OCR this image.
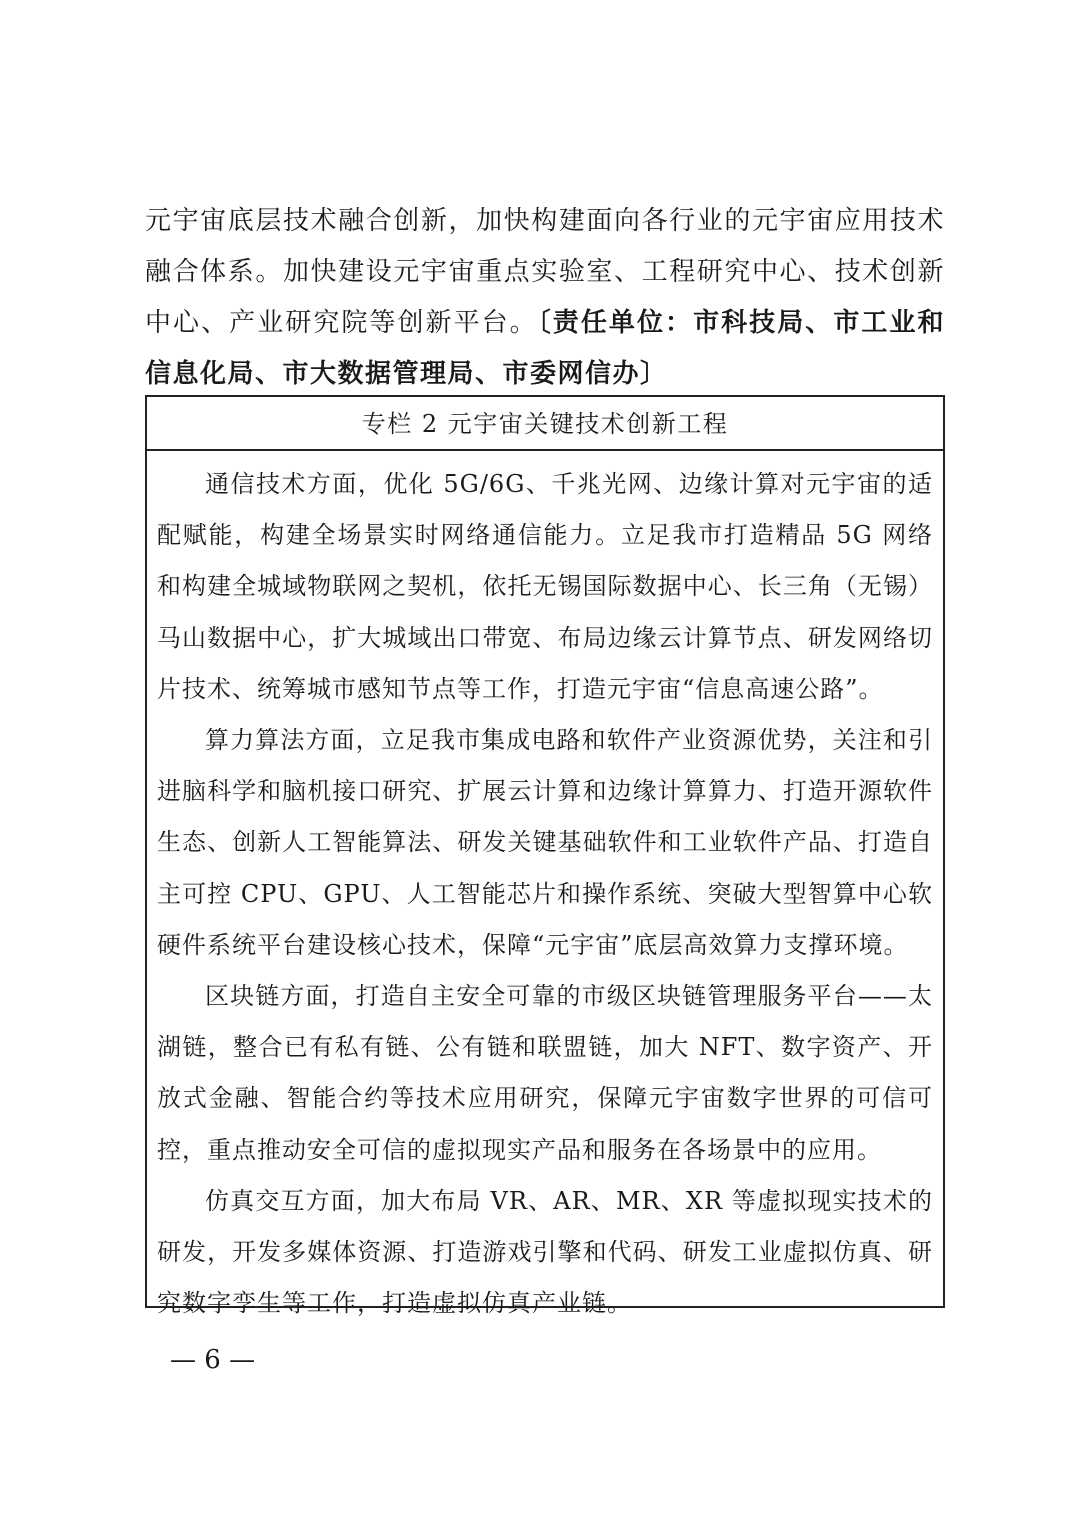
元宇宙底层技术融合创新，加快构建面向各行业的元宇宙应用技术融合体系。加快建设元宇宙重点实验室、工程研究中心、技术创新中心、产业研究院等创新平台。〔责任单位：市科技局、市工业和信息化局、市大数据管理局、市委网信办〕

专栏 2 元宇宙关键技术创新工程

通信技术方面，优化 5G/6G、千兆光网、边缘计算对元宇宙的适配赋能，构建全场景实时网络通信能力。立足我市打造精品 5G 网络和构建全城域物联网之契机，依托无锡国际数据中心、长三角（无锡）马山数据中心，扩大城域出口带宽、布局边缘云计算节点、研发网络切片技术、统筹城市感知节点等工作，打造元宇宙“信息高速公路”。

算力算法方面，立足我市集成电路和软件产业资源优势，关注和引进脑科学和脑机接口研究、扩展云计算和边缘计算算力、打造开源软件生态、创新人工智能算法、研发关键基础软件和工业软件产品、打造自主可控 CPU、GPU、人工智能芯片和操作系统、突破大型智算中心软硬件系统平台建设核心技术，保障“元宇宙”底层高效算力支撑环境。

区块链方面，打造自主安全可靠的市级区块链管理服务平台——太湖链，整合已有私有链、公有链和联盟链，加大 NFT、数字资产、开放式金融、智能合约等技术应用研究，保障元宇宙数字世界的可信可控，重点推动安全可信的虚拟现实产品和服务在各场景中的应用。

仿真交互方面，加大布局 VR、AR、MR、XR 等虚拟现实技术的研发，开发多媒体资源、打造游戏引擎和代码、研发工业虚拟仿真、研究数字孪生等工作，打造虚拟仿真产业链。

— 6 —
